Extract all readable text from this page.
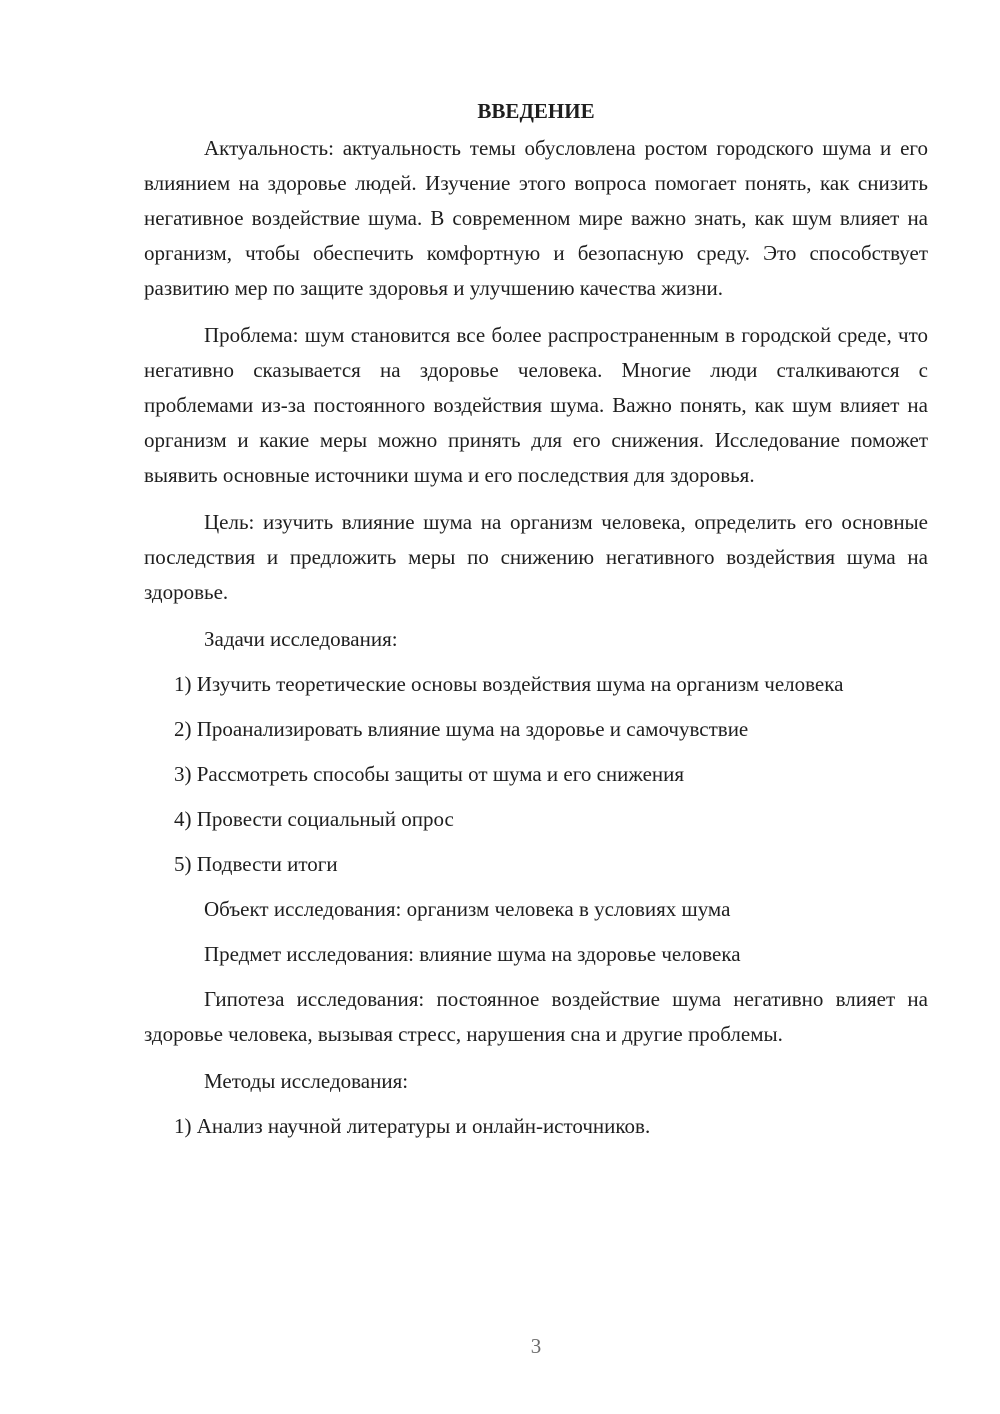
ВВЕДЕНИЕ

Актуальность: актуальность темы обусловлена ростом городского шума и его влиянием на здоровье людей. Изучение этого вопроса помогает понять, как снизить негативное воздействие шума. В современном мире важно знать, как шум влияет на организм, чтобы обеспечить комфортную и безопасную среду. Это способствует развитию мер по защите здоровья и улучшению качества жизни.

Проблема: шум становится все более распространенным в городской среде, что негативно сказывается на здоровье человека. Многие люди сталкиваются с проблемами из-за постоянного воздействия шума. Важно понять, как шум влияет на организм и какие меры можно принять для его снижения. Исследование поможет выявить основные источники шума и его последствия для здоровья.

Цель: изучить влияние шума на организм человека, определить его основные последствия и предложить меры по снижению негативного воздействия шума на здоровье.

Задачи исследования:

1) Изучить теоретические основы воздействия шума на организм человека

2) Проанализировать влияние шума на здоровье и самочувствие

3) Рассмотреть способы защиты от шума и его снижения

4) Провести социальный опрос

5) Подвести итоги

Объект исследования: организм человека в условиях шума

Предмет исследования: влияние шума на здоровье человека

Гипотеза исследования: постоянное воздействие шума негативно влияет на здоровье человека, вызывая стресс, нарушения сна и другие проблемы.

Методы исследования:

1) Анализ научной литературы и онлайн-источников.

3
